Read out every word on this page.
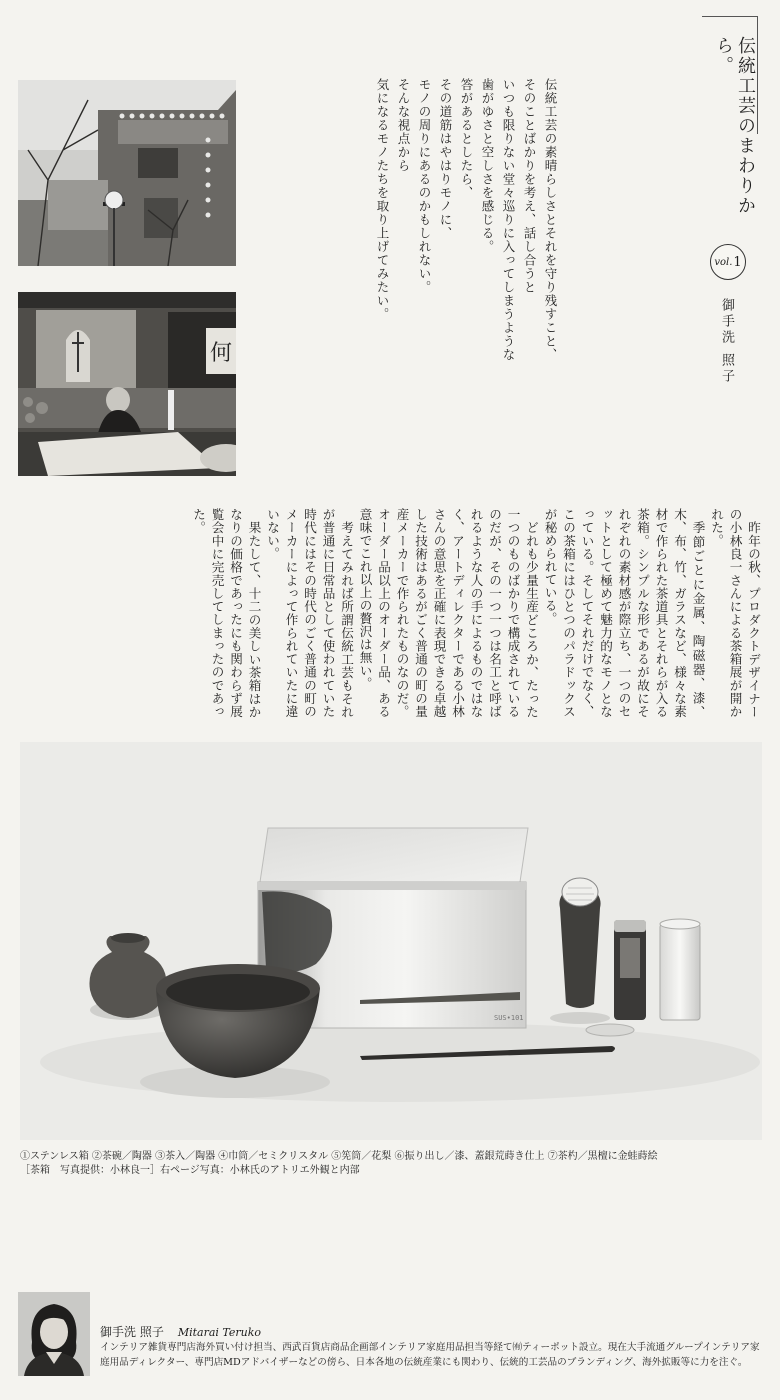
伝統工芸のまわりから。
vol. 1
御手洗 照子
何	伝統工芸の素晴らしさとそれを守り残すこと、

そのことばかりを考え、話し合うと

いつも限りない堂々巡りに入ってしまうような

歯がゆさと空しさを感じる。

答があるとしたら、

その道筋はやはりモノに、

モノの周りにあるのかもしれない。

そんな視点から

気になるモノたちを取り上げてみたい。

昨年の秋、プロダクトデザイナーの小林良一さんによる茶箱展が開かれた。

季節ごとに金属、陶磁器、漆、木、布、竹、ガラスなど、様々な素材で作られた茶道具とそれらが入る茶箱。シンプルな形であるが故にそれぞれの素材感が際立ち、一つのセットとして極めて魅力的なモノとなっている。そしてそれだけでなく、この茶箱にはひとつのパラドックスが秘められている。

どれも少量生産どころか、たった一つのものばかりで構成されているのだが、その一つ一つは名工と呼ばれるような人の手によるものではなく、アートディレクターである小林さんの意思を正確に表現できる卓越した技術はあるがごく普通の町の量産メーカーで作られたものなのだ。オーダー品以上のオーダー品、ある意味でこれ以上の贅沢は無い。

考えてみれば所謂伝統工芸もそれが普通に日常品として使われていた時代にはその時代のごく普通の町のメーカーによって作られていたに違いない。

果たして、十二の美しい茶箱はかなりの価格であったにも関わらず展覧会中に完売してしまったのであった。

SUS•101
①ステンレス箱 ②茶碗／陶器 ③茶入／陶器 ④巾筒／セミクリスタル ⑤筅筒／花梨 ⑥振り出し／漆、蓋銀荒蒔き仕上 ⑦茶杓／黒檀に金蛙蒔絵
［茶箱　写真提供：小林良一］右ページ写真：小林氏のアトリエ外観と内部
御手洗 照子 Mitarai Teruko
インテリア雑貨専門店海外買い付け担当、西武百貨店商品企画部インテリア家庭用品担当等経て㈲ティーポット設立。現在大手流通グループインテリア家庭用品ディレクター、専門店MDアドバイザーなどの傍ら、日本各地の伝統産業にも関わり、伝統的工芸品のブランディング、海外拡販等に力を注ぐ。
